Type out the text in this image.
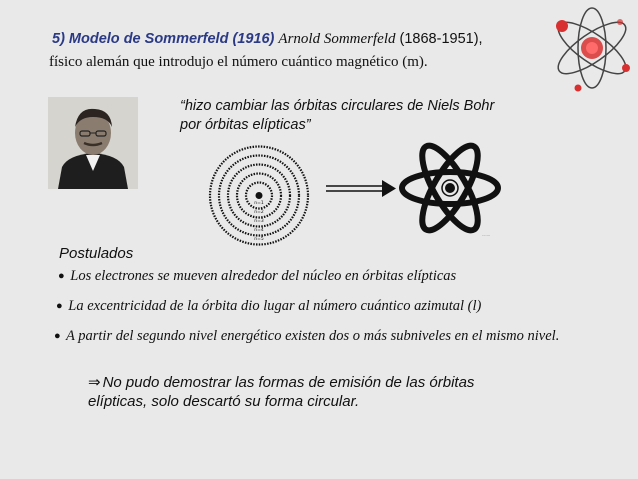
5) Modelo de Sommerfeld (1916) Arnold Sommerfeld (1868-1951),
físico alemán que introdujo el número cuántico magnético (m).
“hizo cambiar las órbitas circulares de Niels Bohr
por órbitas elípticas”
n=1
n=2
n=3
n=4
n=5
.......
Postulados
● Los electrones se mueven alrededor del núcleo en órbitas elípticas
● La excentricidad de la órbita dio lugar al número cuántico azimutal (l)
● A partir del segundo nivel energético existen dos o más subniveles en el mismo nivel.
⇒ No pudo demostrar las formas de emisión de las órbitas
elípticas, solo descartó su forma circular.
